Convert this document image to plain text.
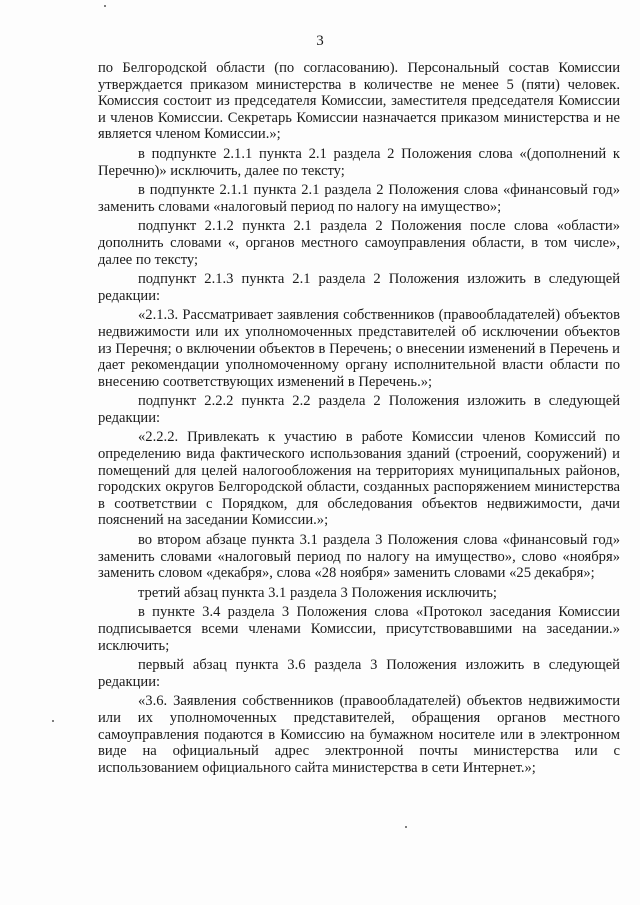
3

по Белгородской области (по согласованию). Персональный состав Комиссии утверждается приказом министерства в количестве не менее 5 (пяти) человек. Комиссия состоит из председателя Комиссии, заместителя председателя Комиссии и членов Комиссии. Секретарь Комиссии назначается приказом министерства и не является членом Комиссии.»;

в подпункте 2.1.1 пункта 2.1 раздела 2 Положения слова «(дополнений к Перечню)» исключить, далее по тексту;

в подпункте 2.1.1 пункта 2.1 раздела 2 Положения слова «финансовый год» заменить словами «налоговый период по налогу на имущество»;

подпункт 2.1.2 пункта 2.1 раздела 2 Положения после слова «области» дополнить словами «, органов местного самоуправления области, в том числе», далее по тексту;

подпункт 2.1.3 пункта 2.1 раздела 2 Положения изложить в следующей редакции:

«2.1.3. Рассматривает заявления собственников (правообладателей) объектов недвижимости или их уполномоченных представителей об исключении объектов из Перечня; о включении объектов в Перечень; о внесении изменений в Перечень и дает рекомендации уполномоченному органу исполнительной власти области по внесению соответствующих изменений в Перечень.»;

подпункт 2.2.2 пункта 2.2 раздела 2 Положения изложить в следующей редакции:

«2.2.2. Привлекать к участию в работе Комиссии членов Комиссий по определению вида фактического использования зданий (строений, сооружений) и помещений для целей налогообложения на территориях муниципальных районов, городских округов Белгородской области, созданных распоряжением министерства в соответствии с Порядком, для обследования объектов недвижимости, дачи пояснений на заседании Комиссии.»;

во втором абзаце пункта 3.1 раздела 3 Положения слова «финансовый год» заменить словами «налоговый период по налогу на имущество», слово «ноября» заменить словом «декабря», слова «28 ноября» заменить словами «25 декабря»;

третий абзац пункта 3.1 раздела 3 Положения исключить;

в пункте 3.4 раздела 3 Положения слова «Протокол заседания Комиссии подписывается всеми членами Комиссии, присутствовавшими на заседании.» исключить;

первый абзац пункта 3.6 раздела 3 Положения изложить в следующей редакции:

«3.6. Заявления собственников (правообладателей) объектов недвижимости или их уполномоченных представителей, обращения органов местного самоуправления подаются в Комиссию на бумажном носителе или в электронном виде на официальный адрес электронной почты министерства или с использованием официального сайта министерства в сети Интернет.»;
